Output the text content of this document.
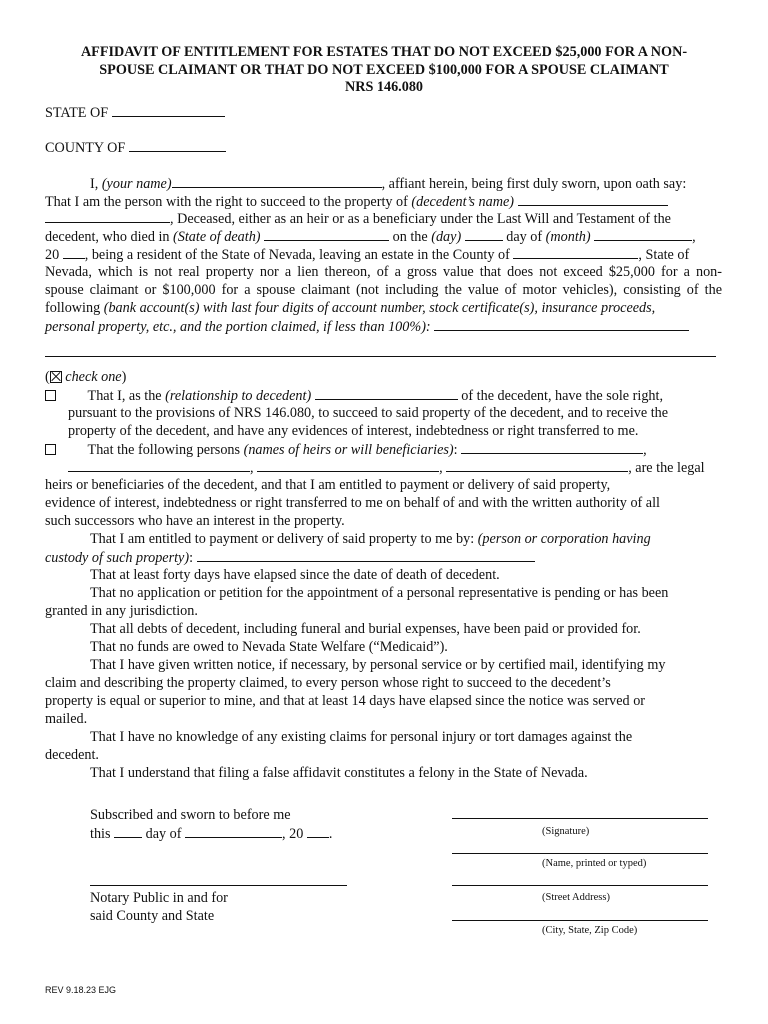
AFFIDAVIT OF ENTITLEMENT FOR ESTATES THAT DO NOT EXCEED $25,000 FOR A NON-
SPOUSE CLAIMANT OR THAT DO NOT EXCEED $100,000 FOR A SPOUSE CLAIMANT
NRS 146.080
STATE OF
COUNTY OF
I, (your name)	, affiant herein, being first duly sworn, upon oath say:
That I am the person with the right to succeed to the property of (decedent’s name)
, Deceased, either as an heir or as a beneficiary under the Last Will and Testament of the
decedent, who died in (State of death)	on the (day)	day of (month)	,
20 , being a resident of the State of Nevada, leaving an estate in the County of	, State of
Nevada, which is not real property nor a lien thereon, of a gross value that does not exceed $25,000 for a non-
spouse claimant or $100,000 for a spouse claimant (not including the value of motor vehicles), consisting of the
following (bank account(s) with last four digits of account number, stock certificate(s), insurance proceeds,
personal property, etc., and the portion claimed, if less than 100%):
( check one)
That I, as the (relationship to decedent)	of the decedent, have the sole right,
pursuant to the provisions of NRS 146.080, to succeed to said property of the decedent, and to receive the
property of the decedent, and have any evidences of interest, indebtedness or right transferred to me.
That the following persons (names of heirs or will beneficiaries):	,
,	,	, are the legal
heirs or beneficiaries of the decedent, and that I am entitled to payment or delivery of said property,
evidence of interest, indebtedness or right transferred to me on behalf of and with the written authority of all
such successors who have an interest in the property.
That I am entitled to payment or delivery of said property to me by: (person or corporation having
custody of such property):
That at least forty days have elapsed since the date of death of decedent.
That no application or petition for the appointment of a personal representative is pending or has been
granted in any jurisdiction.
That all debts of decedent, including funeral and burial expenses, have been paid or provided for.
That no funds are owed to Nevada State Welfare (“Medicaid”).
That I have given written notice, if necessary, by personal service or by certified mail, identifying my
claim and describing the property claimed, to every person whose right to succeed to the decedent’s
property is equal or superior to mine, and that at least 14 days have elapsed since the notice was served or
mailed.
That I have no knowledge of any existing claims for personal injury or tort damages against the
decedent.
That I understand that filing a false affidavit constitutes a felony in the State of Nevada.
Subscribed and sworn to before me
this day of	, 20 .
Notary Public in and for
said County and State
(Signature)
(Name, printed or typed)
(Street Address)
(City, State, Zip Code)
REV 9.18.23 EJG
